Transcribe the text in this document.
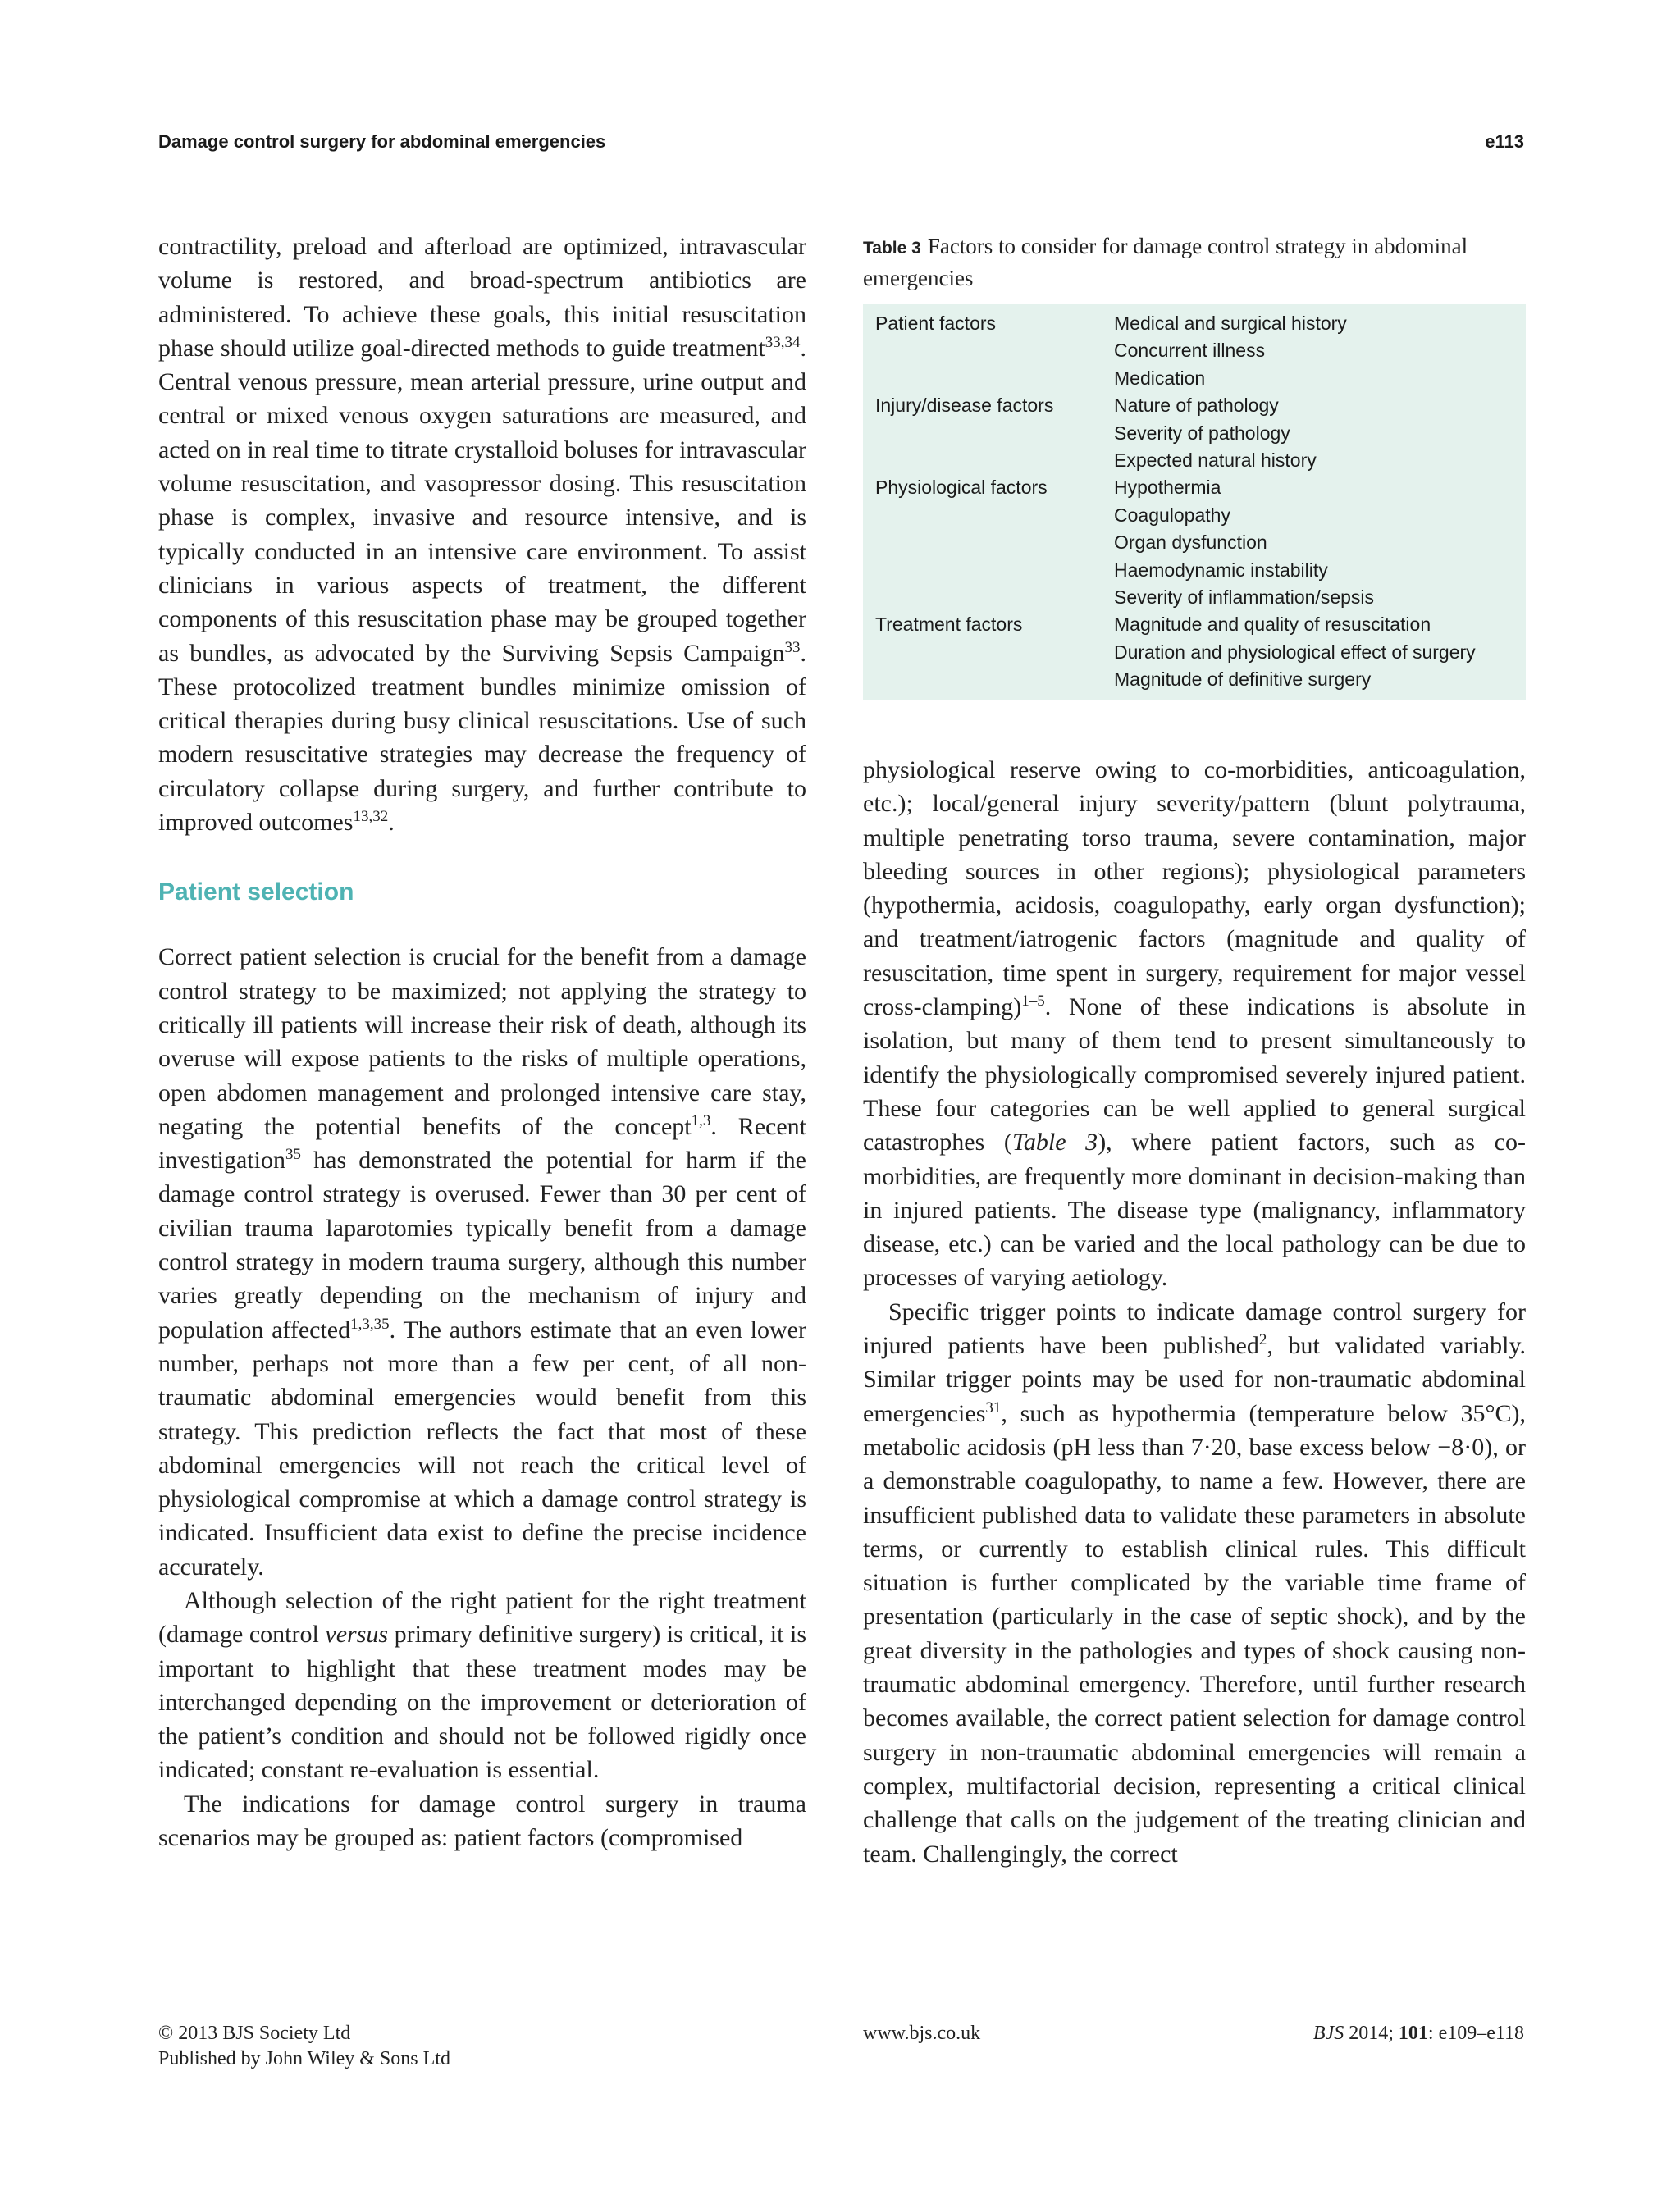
Damage control surgery for abdominal emergencies	e113

contractility, preload and afterload are optimized, intravascular volume is restored, and broad-spectrum antibiotics are administered. To achieve these goals, this initial resuscitation phase should utilize goal-directed methods to guide treatment$^{33,34}$. Central venous pressure, mean arterial pressure, urine output and central or mixed venous oxygen saturations are measured, and acted on in real time to titrate crystalloid boluses for intravascular volume resuscitation, and vasopressor dosing. This resuscitation phase is complex, invasive and resource intensive, and is typically conducted in an intensive care environment. To assist clinicians in various aspects of treatment, the different components of this resuscitation phase may be grouped together as bundles, as advocated by the Surviving Sepsis Campaign$^{33}$. These protocolized treatment bundles minimize omission of critical therapies during busy clinical resuscitations. Use of such modern resuscitative strategies may decrease the frequency of circulatory collapse during surgery, and further contribute to improved outcomes$^{13,32}$.

Patient selection

Correct patient selection is crucial for the benefit from a damage control strategy to be maximized; not applying the strategy to critically ill patients will increase their risk of death, although its overuse will expose patients to the risks of multiple operations, open abdomen management and prolonged intensive care stay, negating the potential benefits of the concept$^{1,3}$. Recent investigation$^{35}$ has demonstrated the potential for harm if the damage control strategy is overused. Fewer than 30 per cent of civilian trauma laparotomies typically benefit from a damage control strategy in modern trauma surgery, although this number varies greatly depending on the mechanism of injury and population affected$^{1,3,35}$. The authors estimate that an even lower number, perhaps not more than a few per cent, of all non-traumatic abdominal emergencies would benefit from this strategy. This prediction reflects the fact that most of these abdominal emergencies will not reach the critical level of physiological compromise at which a damage control strategy is indicated. Insufficient data exist to define the precise incidence accurately.

Although selection of the right patient for the right treatment (damage control versus primary definitive surgery) is critical, it is important to highlight that these treatment modes may be interchanged depending on the improvement or deterioration of the patient’s condition and should not be followed rigidly once indicated; constant re-evaluation is essential.

The indications for damage control surgery in trauma scenarios may be grouped as: patient factors (compromised

Table 3 Factors to consider for damage control strategy in abdominal emergencies
Patient factors	Medical and surgical history
Concurrent illness
Medication
Injury/disease factors	Nature of pathology
Severity of pathology
Expected natural history
Physiological factors	Hypothermia
Coagulopathy
Organ dysfunction
Haemodynamic instability
Severity of inflammation/sepsis
Treatment factors	Magnitude and quality of resuscitation
Duration and physiological effect of surgery
Magnitude of definitive surgery

physiological reserve owing to co-morbidities, anticoagulation, etc.); local/general injury severity/pattern (blunt polytrauma, multiple penetrating torso trauma, severe contamination, major bleeding sources in other regions); physiological parameters (hypothermia, acidosis, coagulopathy, early organ dysfunction); and treatment/iatrogenic factors (magnitude and quality of resuscitation, time spent in surgery, requirement for major vessel cross-clamping)$^{1-5}$. None of these indications is absolute in isolation, but many of them tend to present simultaneously to identify the physiologically compromised severely injured patient. These four categories can be well applied to general surgical catastrophes (Table 3), where patient factors, such as co-morbidities, are frequently more dominant in decision-making than in injured patients. The disease type (malignancy, inflammatory disease, etc.) can be varied and the local pathology can be due to processes of varying aetiology.

Specific trigger points to indicate damage control surgery for injured patients have been published$^2$, but validated variably. Similar trigger points may be used for non-traumatic abdominal emergencies$^{31}$, such as hypothermia (temperature below 35°C), metabolic acidosis (pH less than 7·20, base excess below −8·0), or a demonstrable coagulopathy, to name a few. However, there are insufficient published data to validate these parameters in absolute terms, or currently to establish clinical rules. This difficult situation is further complicated by the variable time frame of presentation (particularly in the case of septic shock), and by the great diversity in the pathologies and types of shock causing non-traumatic abdominal emergency. Therefore, until further research becomes available, the correct patient selection for damage control surgery in non-traumatic abdominal emergencies will remain a complex, multifactorial decision, representing a critical clinical challenge that calls on the judgement of the treating clinician and team. Challengingly, the correct

© 2013 BJS Society Ltd
Published by John Wiley & Sons Ltd
www.bjs.co.uk	BJS 2014; 101: e109–e118
